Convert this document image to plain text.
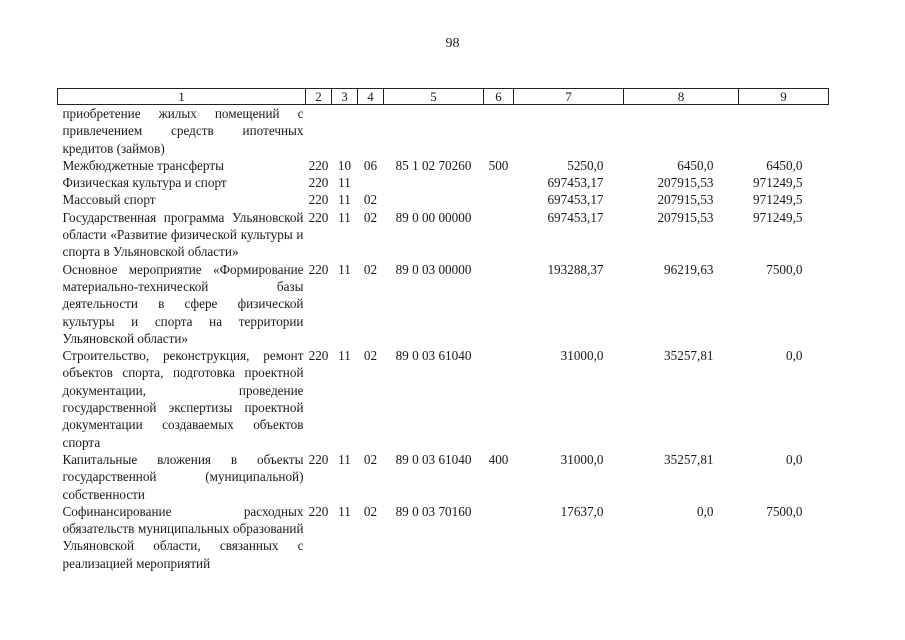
98
1	2	3	4	5	6	7	8	9
приобретение жилых помещений с привлечением средств ипотечных кредитов (займов)								
Межбюджетные трансферты	220	10	06	85 1 02 70260	500	5250,0	6450,0	6450,0
Физическая культура и спорт	220	11				697453,17	207915,53	971249,5
Массовый спорт	220	11	02			697453,17	207915,53	971249,5
Государственная программа Ульяновской области «Развитие физической культуры и спорта в Ульяновской области»	220	11	02	89 0 00 00000		697453,17	207915,53	971249,5
Основное мероприятие «Формирование материально-технической базы деятельности в сфере физической культуры и спорта на территории Ульяновской области»	220	11	02	89 0 03 00000		193288,37	96219,63	7500,0
Строительство, реконструкция, ремонт объектов спорта, подготовка проектной документации, проведение государственной экспертизы проектной документации создаваемых объектов спорта	220	11	02	89 0 03 61040		31000,0	35257,81	0,0
Капитальные вложения в объекты государственной (муниципальной) собственности	220	11	02	89 0 03 61040	400	31000,0	35257,81	0,0
Софинансирование расходных обязательств муниципальных образований Ульяновской области, связанных с реализацией мероприятий	220	11	02	89 0 03 70160		17637,0	0,0	7500,0
